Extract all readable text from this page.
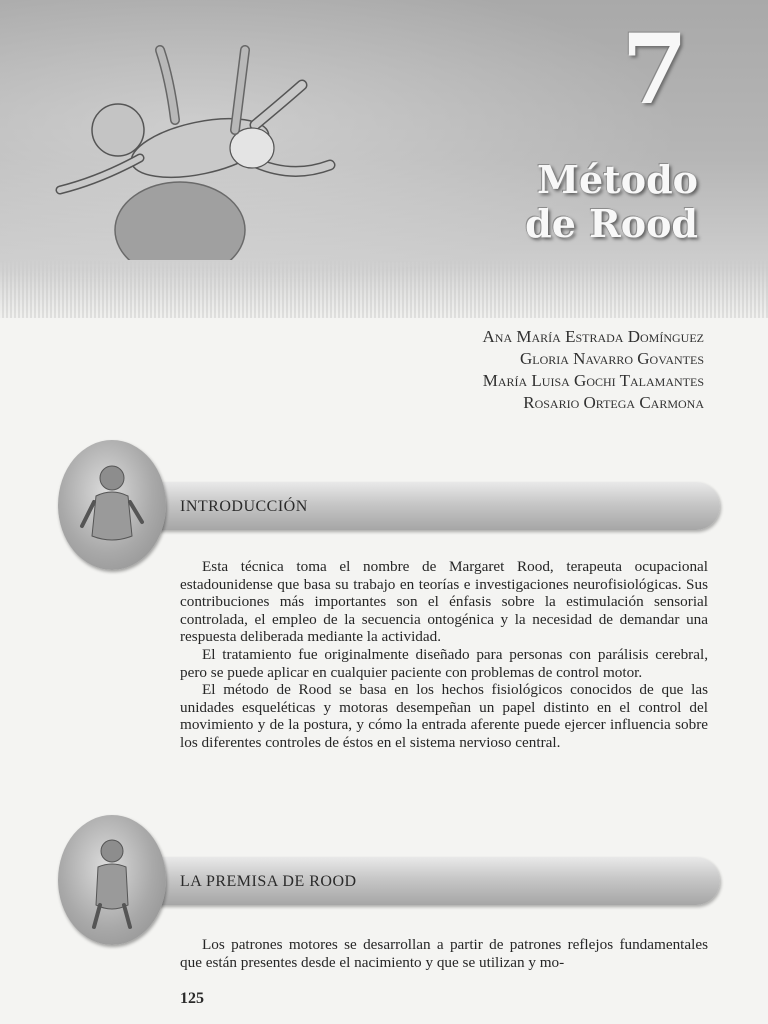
7
Método
de Rood
Ana María Estrada Domínguez
Gloria Navarro Govantes
María Luisa Gochi Talamantes
Rosario Ortega Carmona
INTRODUCCIÓN

Esta técnica toma el nombre de Margaret Rood, terapeuta ocupacional estadounidense que basa su trabajo en teorías e investigaciones neurofisiológicas. Sus contribuciones más importantes son el énfasis sobre la estimulación sensorial controlada, el empleo de la secuencia ontogénica y la necesidad de demandar una respuesta deliberada mediante la actividad.

El tratamiento fue originalmente diseñado para personas con parálisis cerebral, pero se puede aplicar en cualquier paciente con problemas de control motor.

El método de Rood se basa en los hechos fisiológicos conocidos de que las unidades esqueléticas y motoras desempeñan un papel distinto en el control del movimiento y de la postura, y cómo la entrada aferente puede ejercer influencia sobre los diferentes controles de éstos en el sistema nervioso central.

LA PREMISA DE ROOD

Los patrones motores se desarrollan a partir de patrones reflejos fundamentales que están presentes desde el nacimiento y que se utilizan y mo-

125
